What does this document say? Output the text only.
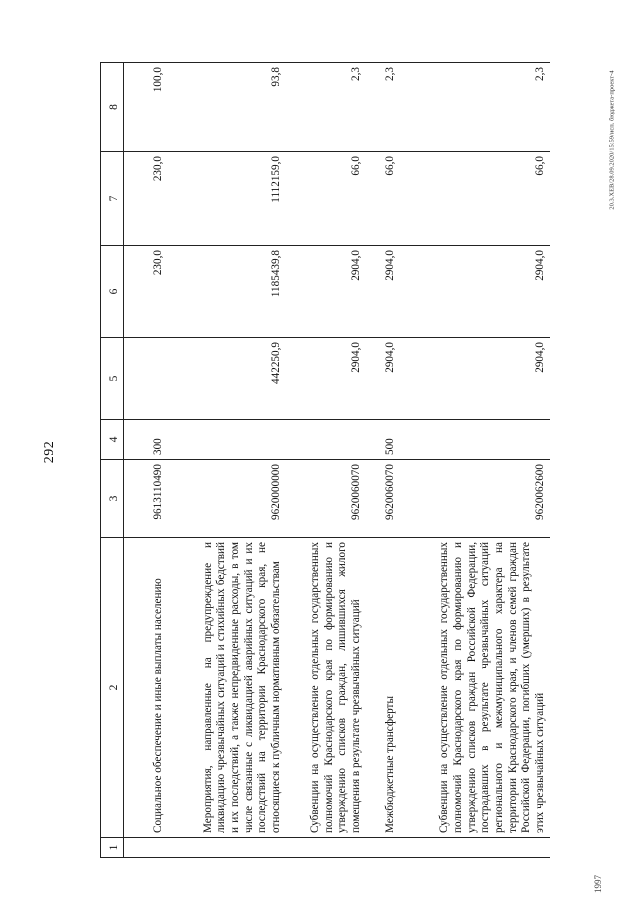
292
20.3.ХЕВ/28.09.2020/15:59/исп. бюджета-проект-4
1997
1	2	3	4	5	6	7	8
	Социальное обеспечение и иные выплаты населению	9613110490	300		230,0	230,0	100,0
	Мероприятия, направленные на предупреждение и ликвидацию чрезвычайных ситуаций и стихийных бедствий и их последствий, а также непредвиденные расходы, в том числе связанные с ликвидацией аварийных ситуаций и их последствий на территории Краснодарского края, не относящиеся к публичным нормативным обязательствам	9620000000		442250,9	1185439,8	1112159,0	93,8
	Субвенции на осуществление отдельных государственных полномочий Краснодарского края по формированию и утверждению списков граждан, лишившихся жилого помещения в результате чрезвычайных ситуаций	9620060070		2904,0	2904,0	66,0	2,3
	Межбюджетные трансферты	9620060070	500	2904,0	2904,0	66,0	2,3
	Субвенции на осуществление отдельных государственных полномочий Краснодарского края по формированию и утверждению списков граждан Российской Федерации, пострадавших в результате чрезвычайных ситуаций регионального и межмуниципального характера на территории Краснодарского края, и членов семей граждан Российской Федерации, погибших (умерших) в результате этих чрезвычайных ситуаций	9620062600		2904,0	2904,0	66,0	2,3
